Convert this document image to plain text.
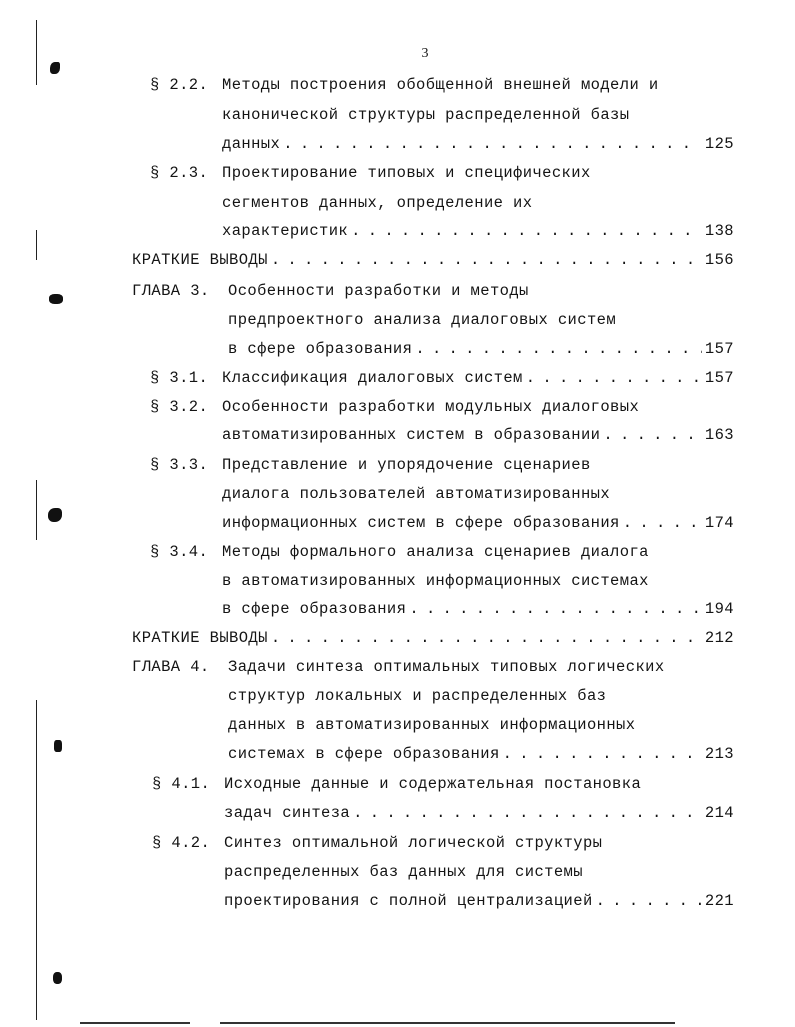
3
§ 2.2. Методы построения обобщенной внешней модели и
канонической структуры распределенной базы
данных . . .	125
§ 2.3. Проектирование типовых и специфических
сегментов данных, определение их
характеристик . . .	138
КРАТКИЕ ВЫВОДЫ . . .	156
ГЛАВА 3. Особенности разработки и методы
предпроектного анализа диалоговых систем
в сфере образования . . .	157
§ 3.1. Классификация диалоговых систем . . .	157
§ 3.2. Особенности разработки модульных диалоговых
автоматизированных систем в образовании . . .	163
§ 3.3. Представление и упорядочение сценариев
диалога пользователей автоматизированных
информационных систем в сфере образования . . .	174
§ 3.4. Методы формального анализа сценариев диалога
в автоматизированных информационных системах
в сфере образования . . .	194
КРАТКИЕ ВЫВОДЫ . . .	212
ГЛАВА 4. Задачи синтеза оптимальных типовых логических
структур локальных и распределенных баз
данных в автоматизированных информационных
системах в сфере образования . . .	213
§ 4.1. Исходные данные и содержательная постановка
задач синтеза . . .	214
§ 4.2. Синтез оптимальной логической структуры
распределенных баз данных для системы
проектирования с полной централизацией . . .	221
